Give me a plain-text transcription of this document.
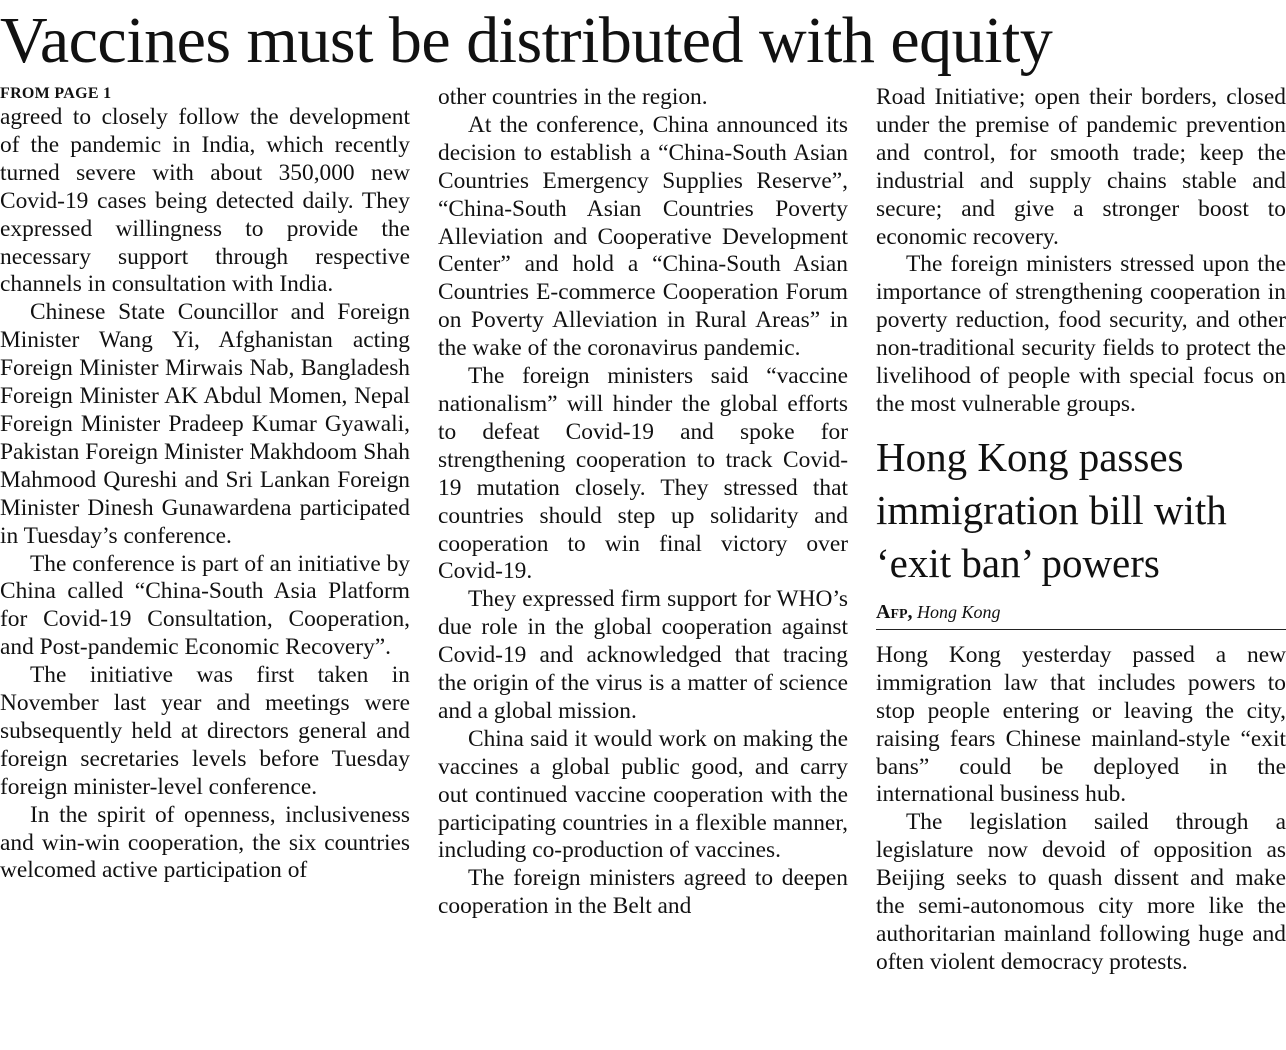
Vaccines must be distributed with equity
FROM PAGE 1

agreed to closely follow the development of the pandemic in India, which recently turned severe with about 350,000 new Covid-19 cases being detected daily. They expressed willingness to provide the necessary support through respective channels in consultation with India.

Chinese State Councillor and Foreign Minister Wang Yi, Afghanistan acting Foreign Minister Mirwais Nab, Bangladesh Foreign Minister AK Abdul Momen, Nepal Foreign Minister Pradeep Kumar Gyawali, Pakistan Foreign Minister Makhdoom Shah Mahmood Qureshi and Sri Lankan Foreign Minister Dinesh Gunawardena participated in Tuesday’s conference.

The conference is part of an initiative by China called “China-South Asia Platform for Covid-19 Consultation, Cooperation, and Post-pandemic Economic Recovery”.

The initiative was first taken in November last year and meetings were subsequently held at directors general and foreign secretaries levels before Tuesday foreign minister-level conference.

In the spirit of openness, inclusiveness and win-win cooperation, the six countries welcomed active participation of

other countries in the region.

At the conference, China announced its decision to establish a “China-South Asian Countries Emergency Supplies Reserve”, “China-South Asian Countries Poverty Alleviation and Cooperative Development Center” and hold a “China-South Asian Countries E-commerce Cooperation Forum on Poverty Alleviation in Rural Areas” in the wake of the coronavirus pandemic.

The foreign ministers said “vaccine nationalism” will hinder the global efforts to defeat Covid-19 and spoke for strengthening cooperation to track Covid-19 mutation closely. They stressed that countries should step up solidarity and cooperation to win final victory over Covid-19.

They expressed firm support for WHO’s due role in the global cooperation against Covid-19 and acknowledged that tracing the origin of the virus is a matter of science and a global mission.

China said it would work on making the vaccines a global public good, and carry out continued vaccine cooperation with the participating countries in a flexible manner, including co-production of vaccines.

The foreign ministers agreed to deepen cooperation in the Belt and

Road Initiative; open their borders, closed under the premise of pandemic prevention and control, for smooth trade; keep the industrial and supply chains stable and secure; and give a stronger boost to economic recovery.

The foreign ministers stressed upon the importance of strengthening cooperation in poverty reduction, food security, and other non-traditional security fields to protect the livelihood of people with special focus on the most vulnerable groups.

Hong Kong passes immigration bill with ‘exit ban’ powers
Afp, Hong Kong

Hong Kong yesterday passed a new immigration law that includes powers to stop people entering or leaving the city, raising fears Chinese mainland-style “exit bans” could be deployed in the international business hub.

The legislation sailed through a legislature now devoid of opposition as Beijing seeks to quash dissent and make the semi-autonomous city more like the authoritarian mainland following huge and often violent democracy protests.
